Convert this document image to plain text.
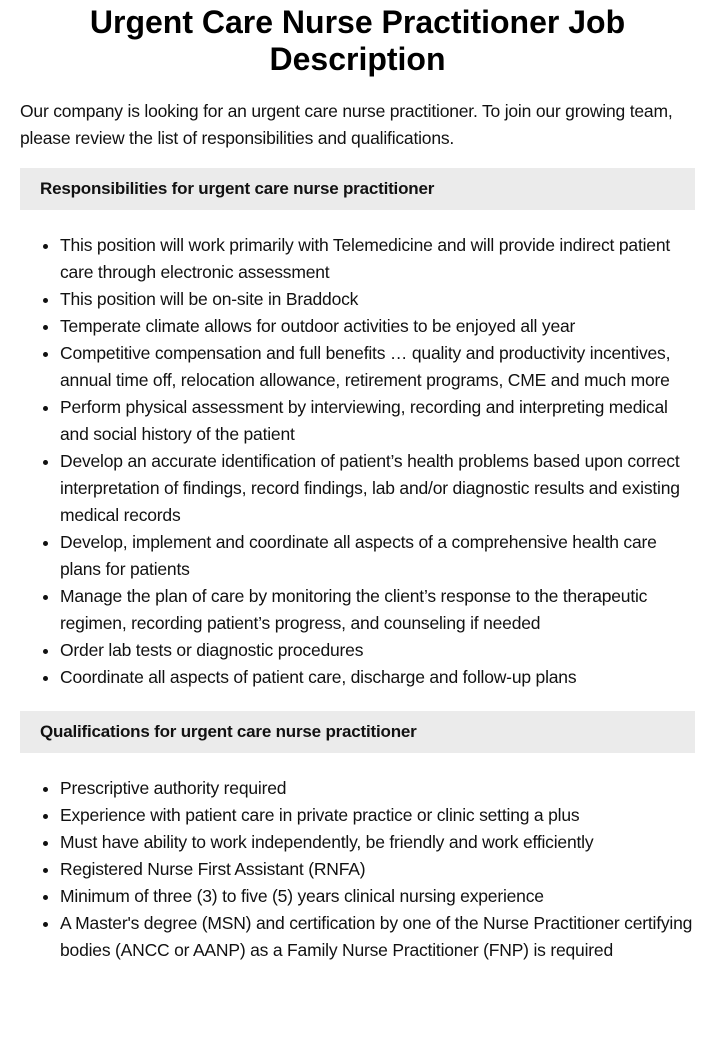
Urgent Care Nurse Practitioner Job Description

Our company is looking for an urgent care nurse practitioner. To join our growing team, please review the list of responsibilities and qualifications.

Responsibilities for urgent care nurse practitioner
• This position will work primarily with Telemedicine and will provide indirect patient care through electronic assessment
• This position will be on-site in Braddock
• Temperate climate allows for outdoor activities to be enjoyed all year
• Competitive compensation and full benefits … quality and productivity incentives, annual time off, relocation allowance, retirement programs, CME and much more
• Perform physical assessment by interviewing, recording and interpreting medical and social history of the patient
• Develop an accurate identification of patient’s health problems based upon correct interpretation of findings, record findings, lab and/or diagnostic results and existing medical records
• Develop, implement and coordinate all aspects of a comprehensive health care plans for patients
• Manage the plan of care by monitoring the client’s response to the therapeutic regimen, recording patient’s progress, and counseling if needed
• Order lab tests or diagnostic procedures
• Coordinate all aspects of patient care, discharge and follow-up plans
Qualifications for urgent care nurse practitioner
• Prescriptive authority required
• Experience with patient care in private practice or clinic setting a plus
• Must have ability to work independently, be friendly and work efficiently
• Registered Nurse First Assistant (RNFA)
• Minimum of three (3) to five (5) years clinical nursing experience
• A Master's degree (MSN) and certification by one of the Nurse Practitioner certifying bodies (ANCC or AANP) as a Family Nurse Practitioner (FNP) is required
